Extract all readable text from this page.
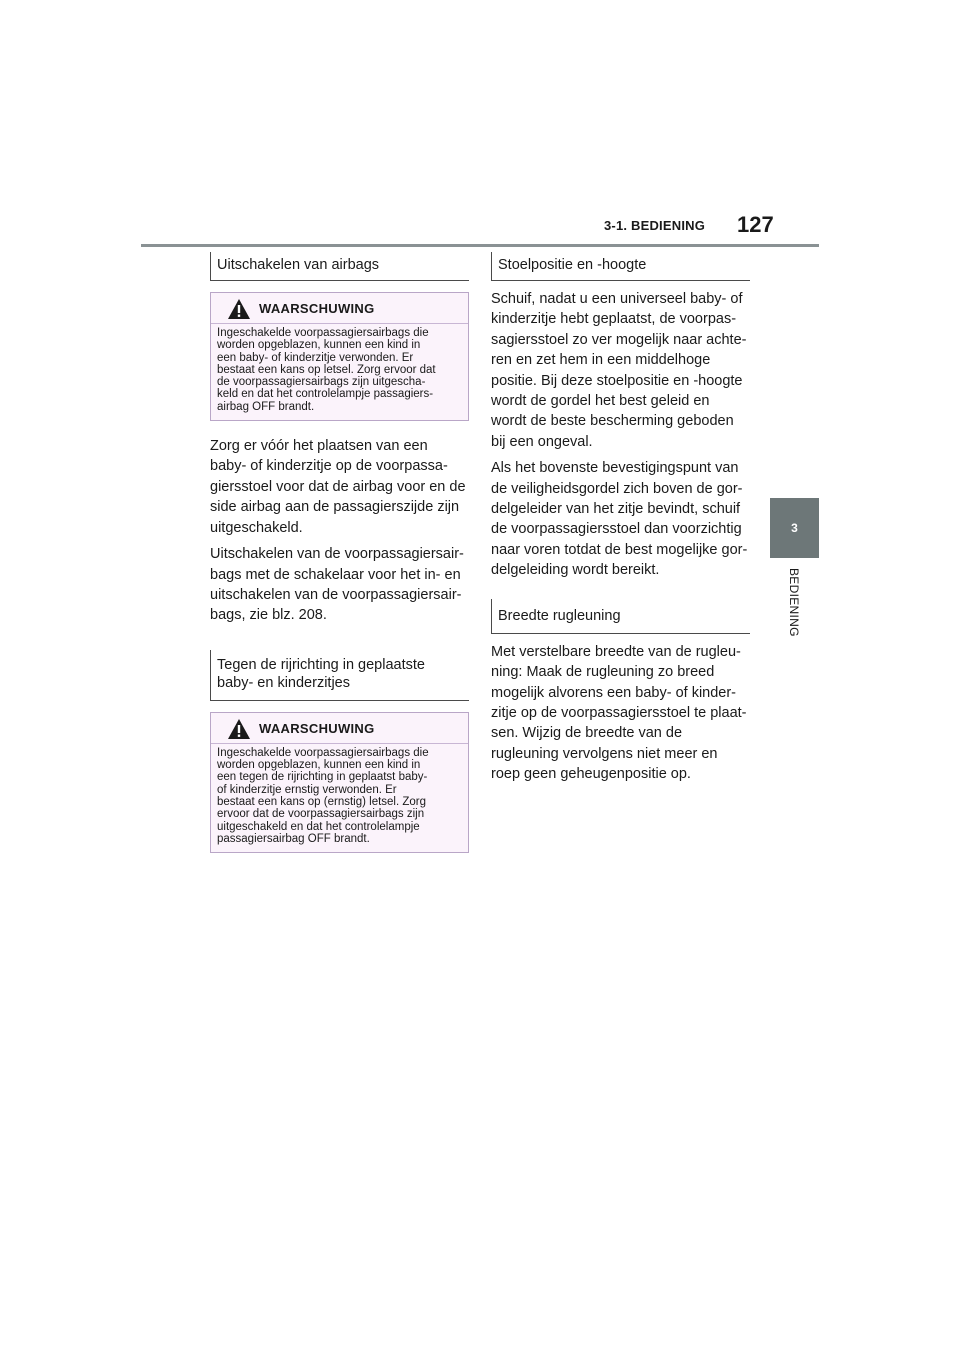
3-1. BEDIENING 127
3
BEDIENING
Uitschakelen van airbags
WAARSCHUWING
Ingeschakelde voorpassagiersairbags die
worden opgeblazen, kunnen een kind in
een baby- of kinderzitje verwonden. Er
bestaat een kans op letsel. Zorg ervoor dat
de voorpassagiersairbags zijn uitgescha-
keld en dat het controlelampje passagiers-
airbag OFF brandt.
Zorg er vóór het plaatsen van een
baby- of kinderzitje op de voorpassa-
giersstoel voor dat de airbag voor en de
side airbag aan de passagierszijde zijn
uitgeschakeld.
Uitschakelen van de voorpassagiersair-
bags met de schakelaar voor het in- en
uitschakelen van de voorpassagiersair-
bags, zie blz. 208.
Tegen de rijrichting in geplaatste
baby- en kinderzitjes
WAARSCHUWING
Ingeschakelde voorpassagiersairbags die
worden opgeblazen, kunnen een kind in
een tegen de rijrichting in geplaatst baby-
of kinderzitje ernstig verwonden. Er
bestaat een kans op (ernstig) letsel. Zorg
ervoor dat de voorpassagiersairbags zijn
uitgeschakeld en dat het controlelampje
passagiersairbag OFF brandt.
Stoelpositie en -hoogte
Schuif, nadat u een universeel baby- of
kinderzitje hebt geplaatst, de voorpas-
sagiersstoel zo ver mogelijk naar achte-
ren en zet hem in een middelhoge
positie. Bij deze stoelpositie en -hoogte
wordt de gordel het best geleid en
wordt de beste bescherming geboden
bij een ongeval.
Als het bovenste bevestigingspunt van
de veiligheidsgordel zich boven de gor-
delgeleider van het zitje bevindt, schuif
de voorpassagiersstoel dan voorzichtig
naar voren totdat de best mogelijke gor-
delgeleiding wordt bereikt.
Breedte rugleuning
Met verstelbare breedte van de rugleu-
ning: Maak de rugleuning zo breed
mogelijk alvorens een baby- of kinder-
zitje op de voorpassagiersstoel te plaat-
sen. Wijzig de breedte van de
rugleuning vervolgens niet meer en
roep geen geheugenpositie op.
